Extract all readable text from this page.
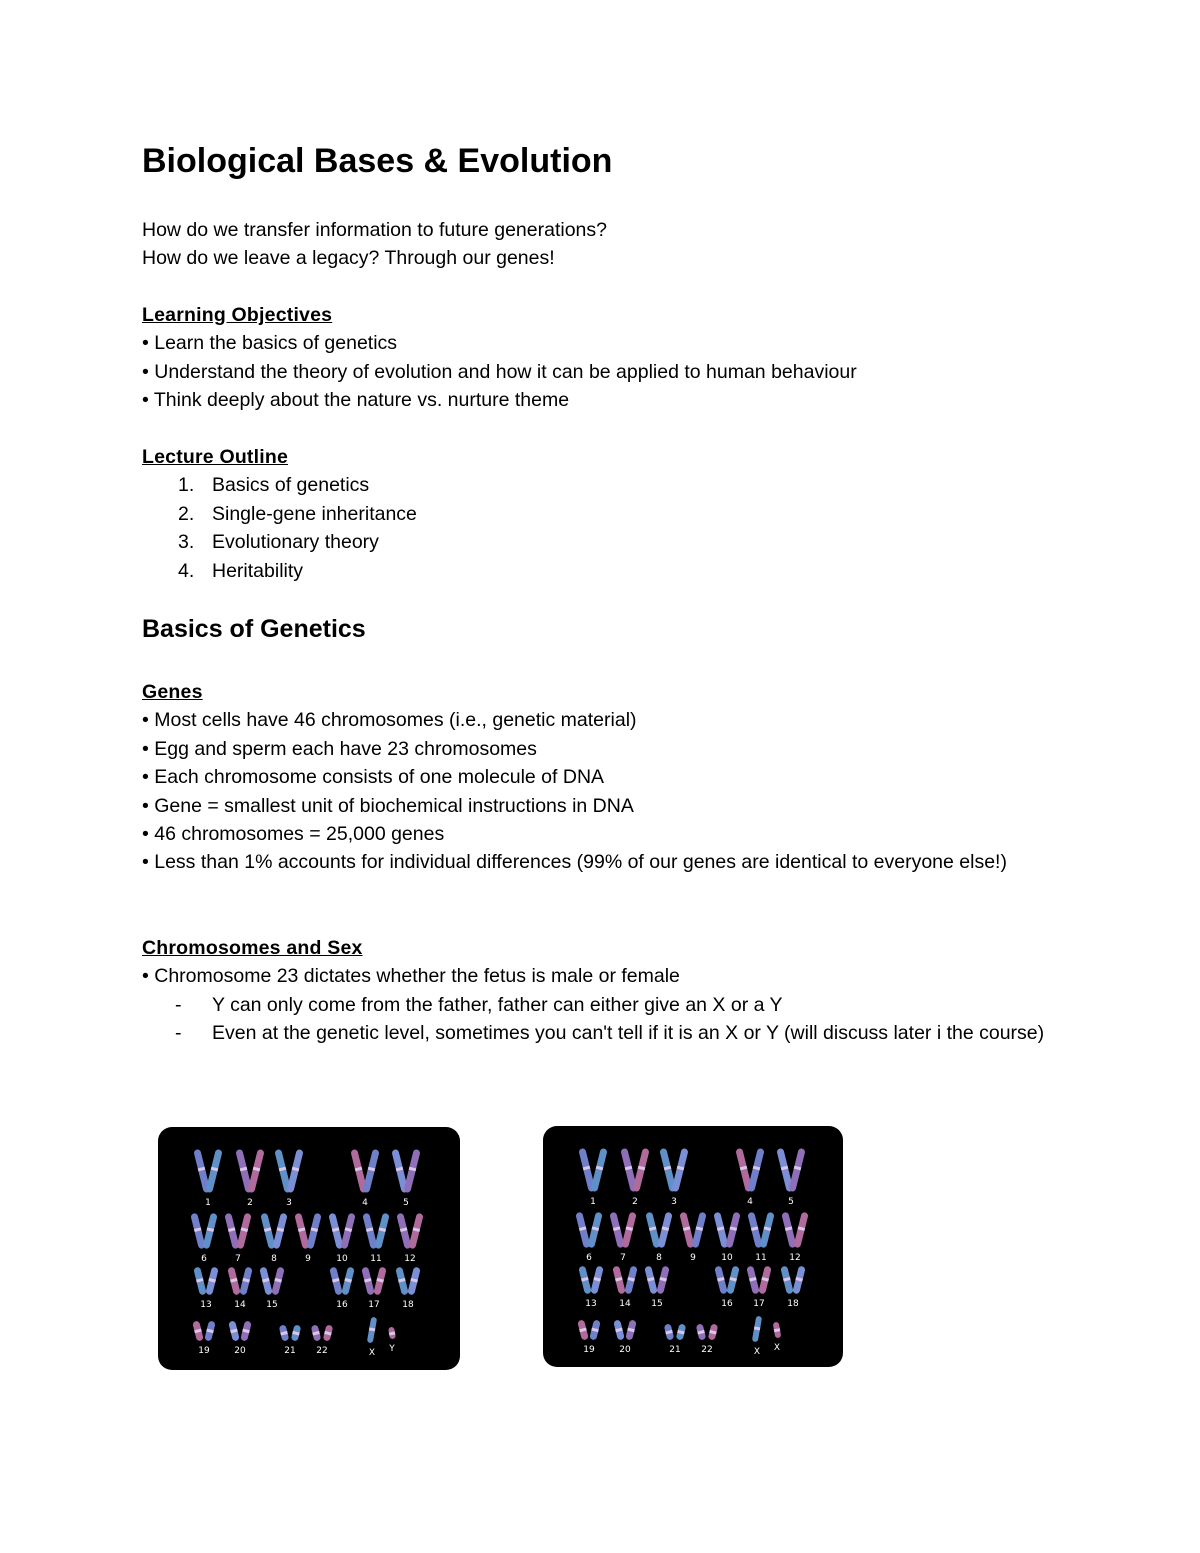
Biological Bases & Evolution
How do we transfer information to future generations?
How do we leave a legacy? Through our genes!
Learning Objectives
• Learn the basics of genetics
• Understand the theory of evolution and how it can be applied to human behaviour
• Think deeply about the nature vs. nurture theme
Lecture Outline
1. Basics of genetics
2. Single-gene inheritance
3. Evolutionary theory
4. Heritability
Basics of Genetics
Genes
• Most cells have 46 chromosomes (i.e., genetic material)
• Egg and sperm each have 23 chromosomes
• Each chromosome consists of one molecule of DNA
• Gene = smallest unit of biochemical instructions in DNA
• 46 chromosomes = 25,000 genes
• Less than 1% accounts for individual differences (99% of our genes are identical to everyone else!)
Chromosomes and Sex
• Chromosome 23 dictates whether the fetus is male or female
-	Y can only come from the father, father can either give an X or a Y
-	Even at the genetic level, sometimes you can't tell if it is an X or Y (will discuss later i the course)
1	2	3	4	5
6	7	8	9	10	11	12
13	14 15	16 17	18
19	20	21 22	X Y
1	2	3	4	5
6	7	8	9	10	11	12
13	14 15	16 17	18
19	20	21 22	X X
